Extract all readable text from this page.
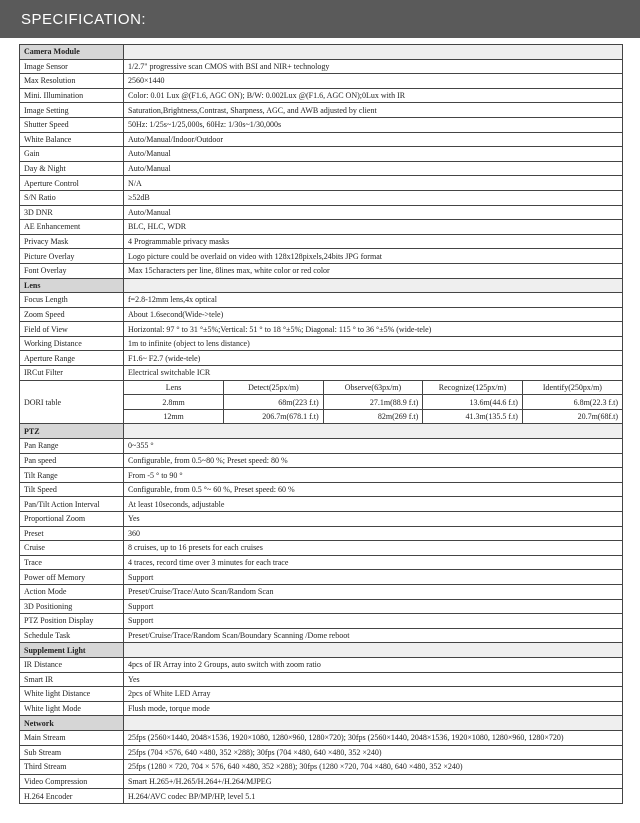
SPECIFICATION:
Camera Module	
Image Sensor	1/2.7" progressive scan CMOS with BSI and NIR+ technology
Max Resolution	2560×1440
Mini. Illumination	Color: 0.01 Lux @(F1.6, AGC ON); B/W: 0.002Lux @(F1.6, AGC ON);0Lux with IR
Image Setting	Saturation,Brightness,Contrast, Sharpness, AGC, and AWB adjusted by client
Shutter Speed	50Hz: 1/25s~1/25,000s, 60Hz: 1/30s~1/30,000s
White Balance	Auto/Manual/Indoor/Outdoor
Gain	Auto/Manual
Day & Night	Auto/Manual
Aperture Control	N/A
S/N Ratio	≥52dB
3D DNR	Auto/Manual
AE Enhancement	BLC, HLC, WDR
Privacy Mask	4 Programmable privacy masks
Picture Overlay	Logo picture could be overlaid on video with 128x128pixels,24bits JPG format
Font Overlay	Max 15characters per line, 8lines max, white color or red color
Lens	
Focus Length	f=2.8-12mm lens,4x optical
Zoom Speed	About 1.6second(Wide->tele)
Field of View	Horizontal: 97 ° to 31 °±5%;Vertical: 51 ° to 18 °±5%; Diagonal: 115 ° to 36 °±5% (wide-tele)
Working Distance	1m to infinite (object to lens distance)
Aperture Range	F1.6~ F2.7 (wide-tele)
IRCut Filter	Electrical switchable ICR
DORI table	
Lens	Detect(25px/m)	Observe(63px/m)	Recognize(125px/m)	Identify(250px/m)
2.8mm	68m(223 f.t)	27.1m(88.9 f.t)	13.6m(44.6 f.t)	6.8m(22.3 f.t)
12mm	206.7m(678.1 f.t)	82m(269 f.t)	41.3m(135.5 f.t)	20.7m(68f.t)

PTZ	
Pan Range	0~355 °
Pan speed	Configurable, from 0.5~80 %; Preset speed: 80 %
Tilt Range	From -5 ° to 90 °
Tilt Speed	Configurable, from 0.5 °~ 60 %, Preset speed: 60 %
Pan/Tilt Action Interval	At least 10seconds, adjustable
Proportional Zoom	Yes
Preset	360
Cruise	8 cruises, up to 16 presets for each cruises
Trace	4 traces, record time over 3 minutes for each trace
Power off Memory	Support
Action Mode	Preset/Cruise/Trace/Auto Scan/Random Scan
3D Positioning	Support
PTZ Position Display	Support
Schedule Task	Preset/Cruise/Trace/Random Scan/Boundary Scanning /Dome reboot
Supplement Light	
IR Distance	4pcs of IR Array into 2 Groups, auto switch with zoom ratio
Smart IR	Yes
White light Distance	2pcs of White LED Array
White light Mode	Flush mode, torque mode
Network	
Main Stream	25fps (2560×1440, 2048×1536, 1920×1080, 1280×960, 1280×720); 30fps (2560×1440, 2048×1536, 1920×1080, 1280×960, 1280×720)
Sub Stream	25fps (704 ×576, 640 ×480, 352 ×288); 30fps (704 ×480, 640 ×480, 352 ×240)
Third Stream	25fps (1280 × 720, 704 × 576, 640 ×480, 352 ×288); 30fps (1280 ×720, 704 ×480, 640 ×480, 352 ×240)
Video Compression	Smart H.265+/H.265/H.264+/H.264/MJPEG
H.264 Encoder	H.264/AVC codec BP/MP/HP, level 5.1
